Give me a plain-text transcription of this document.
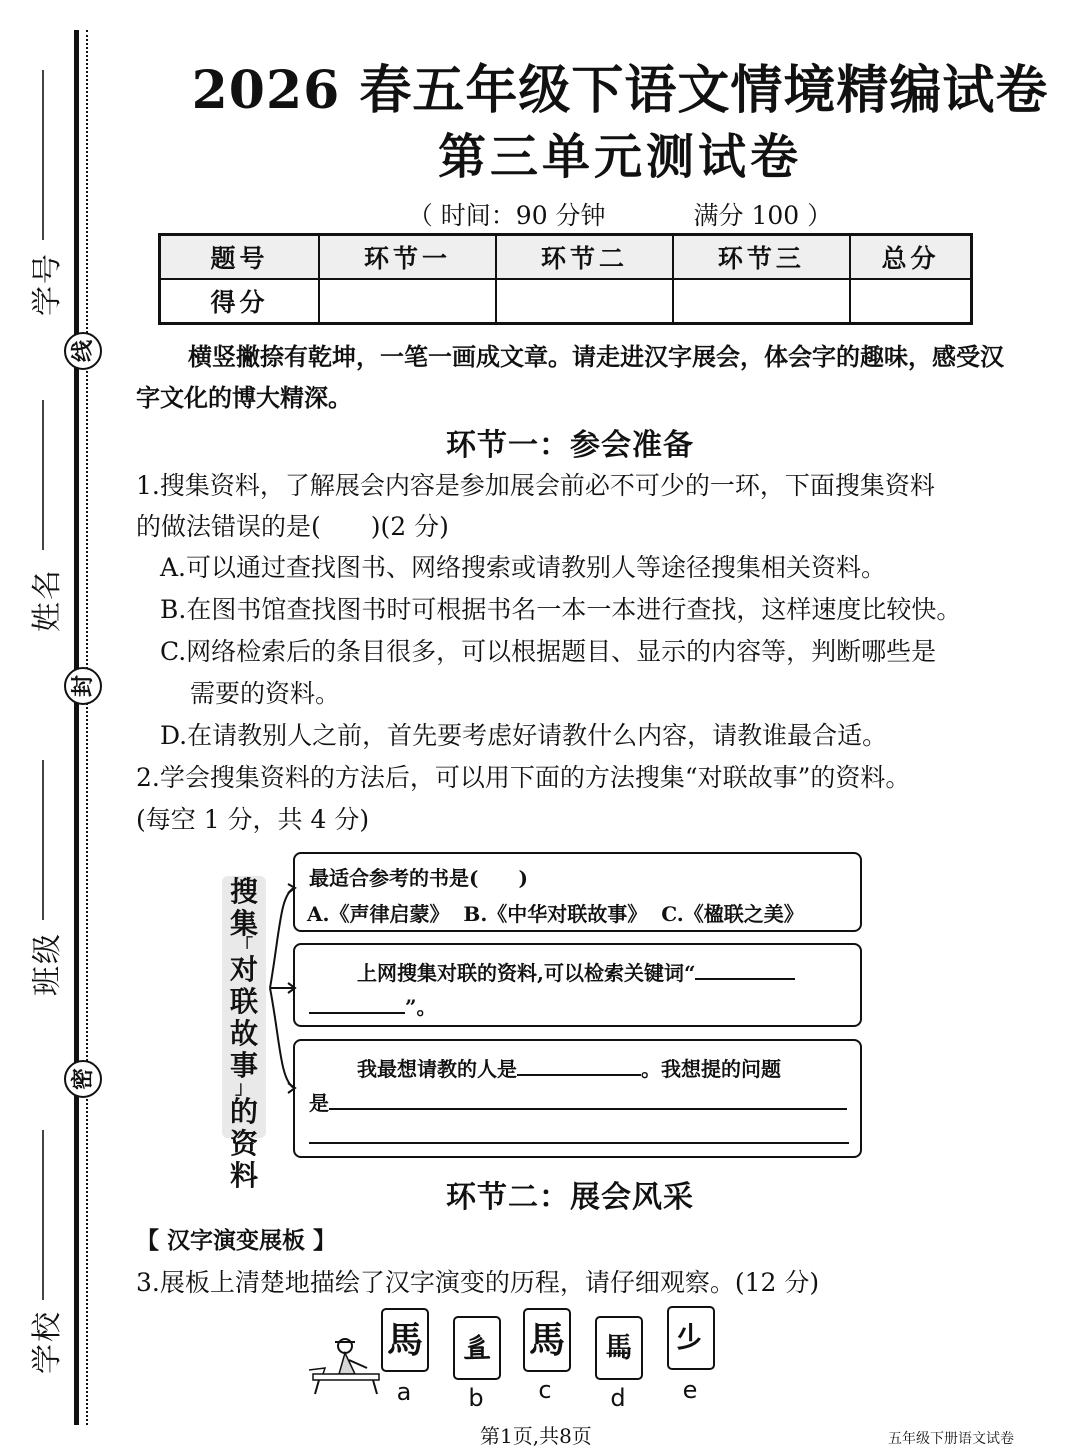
学号
线
姓名
封
班级
密
学校
2026 春五年级下语文情境精编试卷
第三单元测试卷
（ 时间：90 分钟	满分 100 ）
题号	环节一	环节二	环节三	总分
得分				
横竖撇捺有乾坤，一笔一画成文章。请走进汉字展会，体会字的趣味，感受汉字文化的博大精深。
环节一：参会准备
1.搜集资料，了解展会内容是参加展会前必不可少的一环，下面搜集资料
的做法错误的是(　　)(2 分)
A.可以通过查找图书、网络搜索或请教别人等途径搜集相关资料。
B.在图书馆查找图书时可根据书名一本一本进行查找，这样速度比较快。
C.网络检索后的条目很多，可以根据题目、显示的内容等，判断哪些是
需要的资料。
D.在请教别人之前，首先要考虑好请教什么内容，请教谁最合适。
2.学会搜集资料的方法后，可以用下面的方法搜集“对联故事”的资料。
(每空 1 分，共 4 分)
搜
集
「
对
联
故
事
」
的
资
料
最适合参考的书是(　　)
A.《声律启蒙》 B.《中华对联故事》 C.《楹联之美》
上网搜集对联的资料,可以检索关键词“
”。
我最想请教的人是	。我想提的问题
是
环节二：展会风采
【 汉字演变展板 】
3.展板上清楚地描绘了汉字演变的历程，请仔细观察。(12 分)
馬
a
𢒉
b
馬
c
𩡧
d
𣥂
e
第1页,共8页	五年级下册语文试卷
